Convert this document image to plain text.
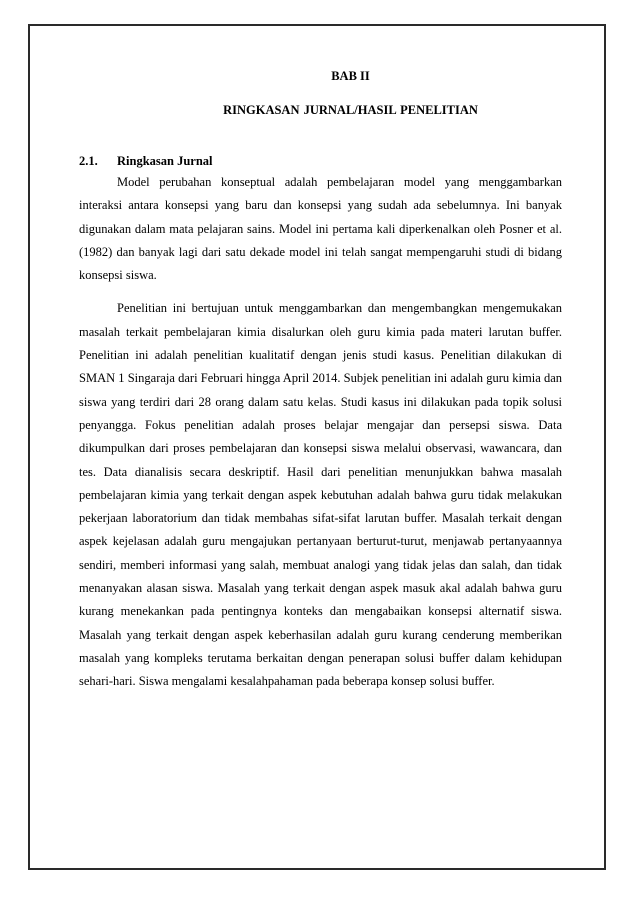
BAB II
RINGKASAN JURNAL/HASIL PENELITIAN
2.1.	Ringkasan Jurnal

Model perubahan konseptual adalah pembelajaran model yang menggambarkan interaksi antara konsepsi yang baru dan konsepsi yang sudah ada sebelumnya. Ini banyak digunakan dalam mata pelajaran sains. Model ini pertama kali diperkenalkan oleh Posner et al. (1982) dan banyak lagi dari satu dekade model ini telah sangat mempengaruhi studi di bidang konsepsi siswa.

Penelitian ini bertujuan untuk menggambarkan dan mengembangkan mengemukakan masalah terkait pembelajaran kimia disalurkan oleh guru kimia pada materi larutan buffer. Penelitian ini adalah penelitian kualitatif dengan jenis studi kasus. Penelitian dilakukan di SMAN 1 Singaraja dari Februari hingga April 2014. Subjek penelitian ini adalah guru kimia dan siswa yang terdiri dari 28 orang dalam satu kelas. Studi kasus ini dilakukan pada topik solusi penyangga. Fokus penelitian adalah proses belajar mengajar dan persepsi siswa. Data dikumpulkan dari proses pembelajaran dan konsepsi siswa melalui observasi, wawancara, dan tes. Data dianalisis secara deskriptif. Hasil dari penelitian menunjukkan bahwa masalah pembelajaran kimia yang terkait dengan aspek kebutuhan adalah bahwa guru tidak melakukan pekerjaan laboratorium dan tidak membahas sifat-sifat larutan buffer. Masalah terkait dengan aspek kejelasan adalah guru mengajukan pertanyaan berturut-turut, menjawab pertanyaannya sendiri, memberi informasi yang salah, membuat analogi yang tidak jelas dan salah, dan tidak menanyakan alasan siswa. Masalah yang terkait dengan aspek masuk akal adalah bahwa guru kurang menekankan pada pentingnya konteks dan mengabaikan konsepsi alternatif siswa. Masalah yang terkait dengan aspek keberhasilan adalah guru kurang cenderung memberikan masalah yang kompleks terutama berkaitan dengan penerapan solusi buffer dalam kehidupan sehari-hari. Siswa mengalami kesalahpahaman pada beberapa konsep solusi buffer.
